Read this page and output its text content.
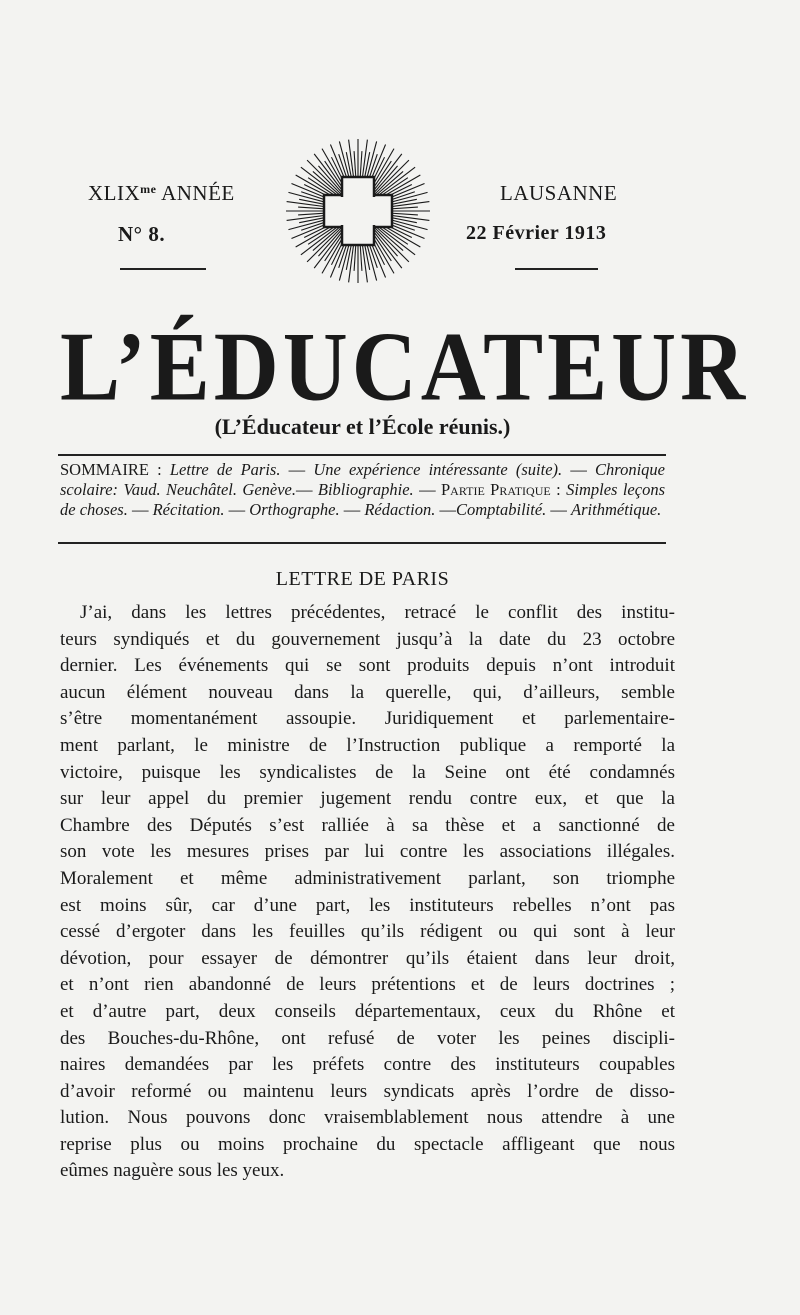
$XLIX^{me}$ ANNÉE
N° 8.
LAUSANNE
22 Février 1913
L’ÉDUCATEUR
(L’Éducateur et l’École réunis.)
SOMMAIRE : Lettre de Paris. — Une expérience intéressante (suite). — Chronique scolaire: Vaud. Neuchâtel. Genève.— Bibliographie. — Partie Pratique : Simples leçons de choses. — Récitation. — Orthographe. — Rédaction. —Comptabilité. — Arithmétique.
LETTRE DE PARIS
J’ai, dans les lettres précédentes, retracé le conflit des institu-
teurs syndiqués et du gouvernement jusqu’à la date du 23 octobre
dernier. Les événements qui se sont produits depuis n’ont introduit
aucun élément nouveau dans la querelle, qui, d’ailleurs, semble
s’être momentanément assoupie. Juridiquement et parlementaire-
ment parlant, le ministre de l’Instruction publique a remporté la
victoire, puisque les syndicalistes de la Seine ont été condamnés
sur leur appel du premier jugement rendu contre eux, et que la
Chambre des Députés s’est ralliée à sa thèse et a sanctionné de
son vote les mesures prises par lui contre les associations illégales.
Moralement et même administrativement parlant, son triomphe
est moins sûr, car d’une part, les instituteurs rebelles n’ont pas
cessé d’ergoter dans les feuilles qu’ils rédigent ou qui sont à leur
dévotion, pour essayer de démontrer qu’ils étaient dans leur droit,
et n’ont rien abandonné de leurs prétentions et de leurs doctrines ;
et d’autre part, deux conseils départementaux, ceux du Rhône et
des Bouches-du-Rhône, ont refusé de voter les peines discipli-
naires demandées par les préfets contre des instituteurs coupables
d’avoir reformé ou maintenu leurs syndicats après l’ordre de disso-
lution. Nous pouvons donc vraisemblablement nous attendre à une
reprise plus ou moins prochaine du spectacle affligeant que nous
eûmes naguère sous les yeux.
